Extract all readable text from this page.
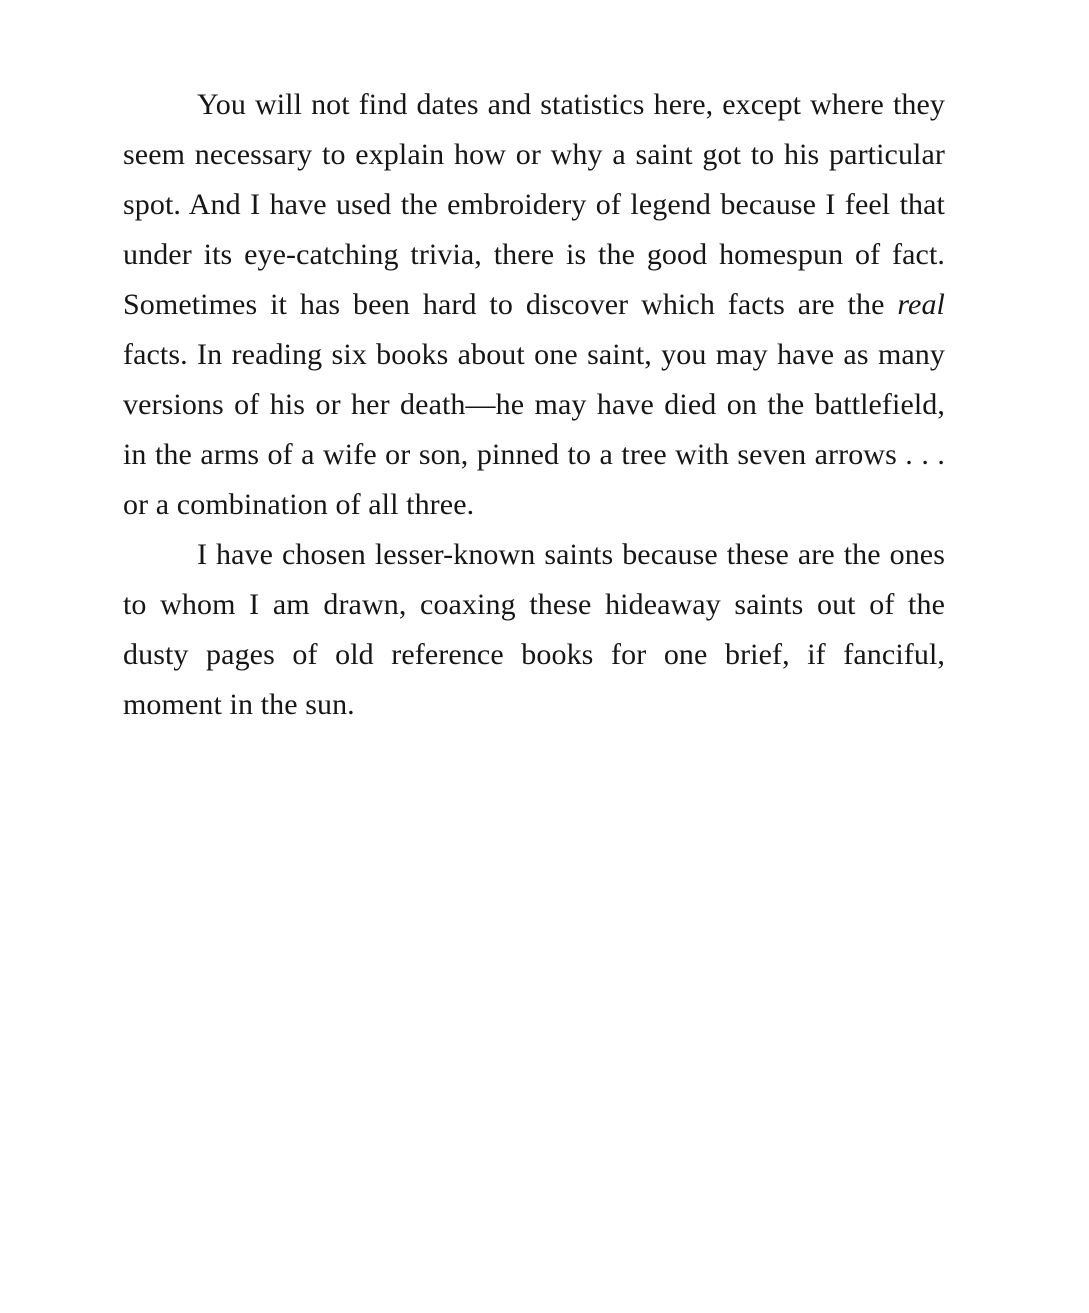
You will not find dates and statistics here, except where they seem necessary to explain how or why a saint got to his particular spot. And I have used the embroidery of legend because I feel that under its eye-catching trivia, there is the good homespun of fact. Sometimes it has been hard to discover which facts are the real facts. In reading six books about one saint, you may have as many versions of his or her death—he may have died on the battlefield, in the arms of a wife or son, pinned to a tree with seven arrows . . . or a combination of all three.

I have chosen lesser-known saints because these are the ones to whom I am drawn, coaxing these hideaway saints out of the dusty pages of old reference books for one brief, if fanciful, moment in the sun.
